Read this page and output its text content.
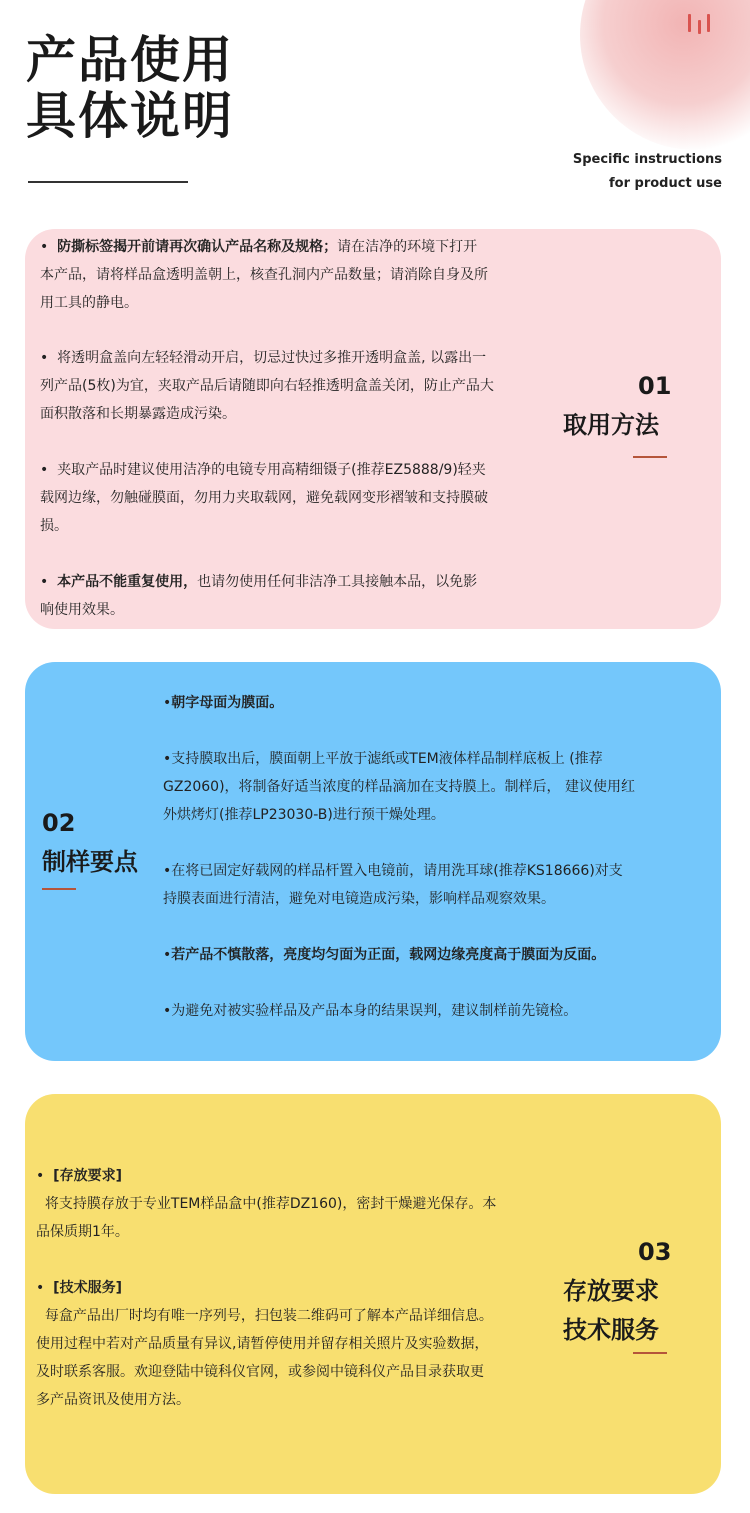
产品使用
具体说明
Specific instructions
for product use
• 防撕标签揭开前请再次确认产品名称及规格；请在洁净的环境下打开
本产品，请将样品盒透明盖朝上，核查孔洞内产品数量；请消除自身及所
用工具的静电。
• 将透明盒盖向左轻轻滑动开启，切忌过快过多推开透明盒盖, 以露出一
列产品(5枚)为宜，夹取产品后请随即向右轻推透明盒盖关闭，防止产品大
面积散落和长期暴露造成污染。
• 夹取产品时建议使用洁净的电镜专用高精细镊子(推荐EZ5888/9)轻夹
载网边缘，勿触碰膜面，勿用力夹取载网，避免载网变形褶皱和支持膜破
损。
• 本产品不能重复使用，也请勿使用任何非洁净工具接触本品，以免影
响使用效果。
01
取用方法
02
制样要点
•朝字母面为膜面。
•支持膜取出后，膜面朝上平放于滤纸或TEM液体样品制样底板上 (推荐
GZ2060)，将制备好适当浓度的样品滴加在支持膜上。制样后， 建议使用红
外烘烤灯(推荐LP23030-B)进行预干燥处理。
•在将已固定好载网的样品杆置入电镜前，请用洗耳球(推荐KS18666)对支
持膜表面进行清洁，避免对电镜造成污染，影响样品观察效果。
•若产品不慎散落，亮度均匀面为正面，载网边缘亮度高于膜面为反面。
•为避免对被实验样品及产品本身的结果误判，建议制样前先镜检。
• [存放要求]
将支持膜存放于专业TEM样品盒中(推荐DZ160)，密封干燥避光保存。本
品保质期1年。
• [技术服务]
每盒产品出厂时均有唯一序列号，扫包装二维码可了解本产品详细信息。
使用过程中若对产品质量有异议,请暂停使用并留存相关照片及实验数据，
及时联系客服。欢迎登陆中镜科仪官网，或参阅中镜科仪产品目录获取更
多产品资讯及使用方法。
03
存放要求
技术服务
